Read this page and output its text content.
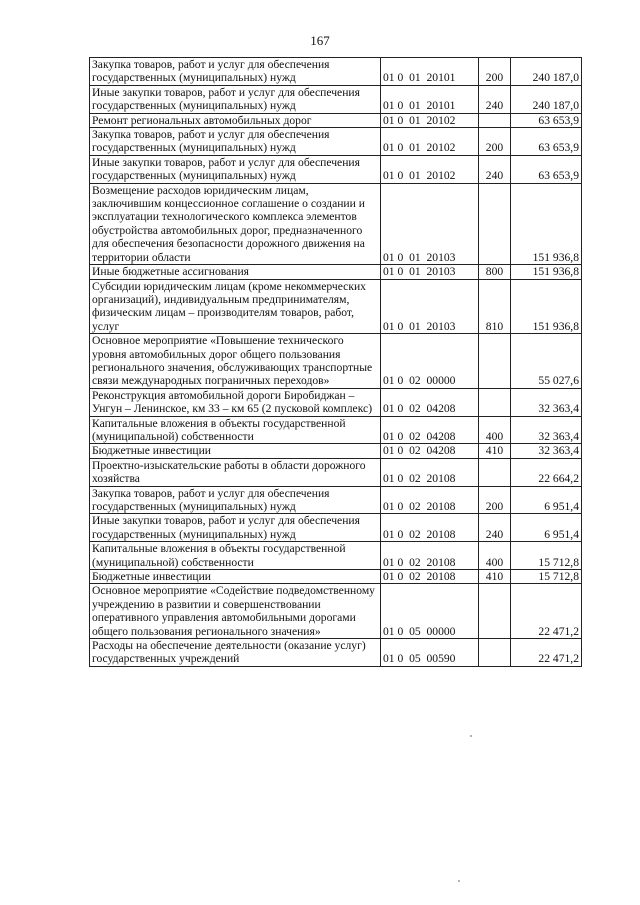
167
Закупка товаров, работ и услуг для обеспечения государственных (муниципальных) нужд	01 0  01  20101	200	240 187,0
Иные закупки товаров, работ и услуг для обеспечения государственных (муниципальных) нужд	01 0  01  20101	240	240 187,0
Ремонт региональных автомобильных дорог	01 0  01  20102		63 653,9
Закупка товаров, работ и услуг для обеспечения государственных (муниципальных) нужд	01 0  01  20102	200	63 653,9
Иные закупки товаров, работ и услуг для обеспечения государственных (муниципальных) нужд	01 0  01  20102	240	63 653,9
Возмещение расходов юридическим лицам, заключившим концессионное соглашение о создании и эксплуатации технологического комплекса элементов обустройства автомобильных дорог, предназначенного для обеспечения безопасности дорожного движения на территории области	01 0  01  20103		151 936,8
Иные бюджетные ассигнования	01 0  01  20103	800	151 936,8
Субсидии юридическим лицам (кроме некоммерческих организаций), индивидуальным предпринимателям, физическим лицам – производителям товаров, работ, услуг	01 0  01  20103	810	151 936,8
Основное мероприятие «Повышение технического уровня автомобильных дорог общего пользования регионального значения, обслуживающих транспортные связи международных пограничных переходов»	01 0  02  00000		55 027,6
Реконструкция автомобильной дороги Биробиджан – Унгун – Ленинское, км 33 – км 65 (2 пусковой комплекс)	01 0  02  04208		32 363,4
Капитальные вложения в объекты государственной (муниципальной) собственности	01 0  02  04208	400	32 363,4
Бюджетные инвестиции	01 0  02  04208	410	32 363,4
Проектно-изыскательские работы в области дорожного хозяйства	01 0  02  20108		22 664,2
Закупка товаров, работ и услуг для обеспечения государственных (муниципальных) нужд	01 0  02  20108	200	6 951,4
Иные закупки товаров, работ и услуг для обеспечения государственных (муниципальных) нужд	01 0  02  20108	240	6 951,4
Капитальные вложения в объекты государственной (муниципальной) собственности	01 0  02  20108	400	15 712,8
Бюджетные инвестиции	01 0  02  20108	410	15 712,8
Основное мероприятие «Содействие подведомственному учреждению в развитии и совершенствовании оперативного управления автомобильными дорогами общего пользования регионального значения»	01 0  05  00000		22 471,2
Расходы на обеспечение деятельности (оказание услуг) государственных учреждений	01 0  05  00590		22 471,2
